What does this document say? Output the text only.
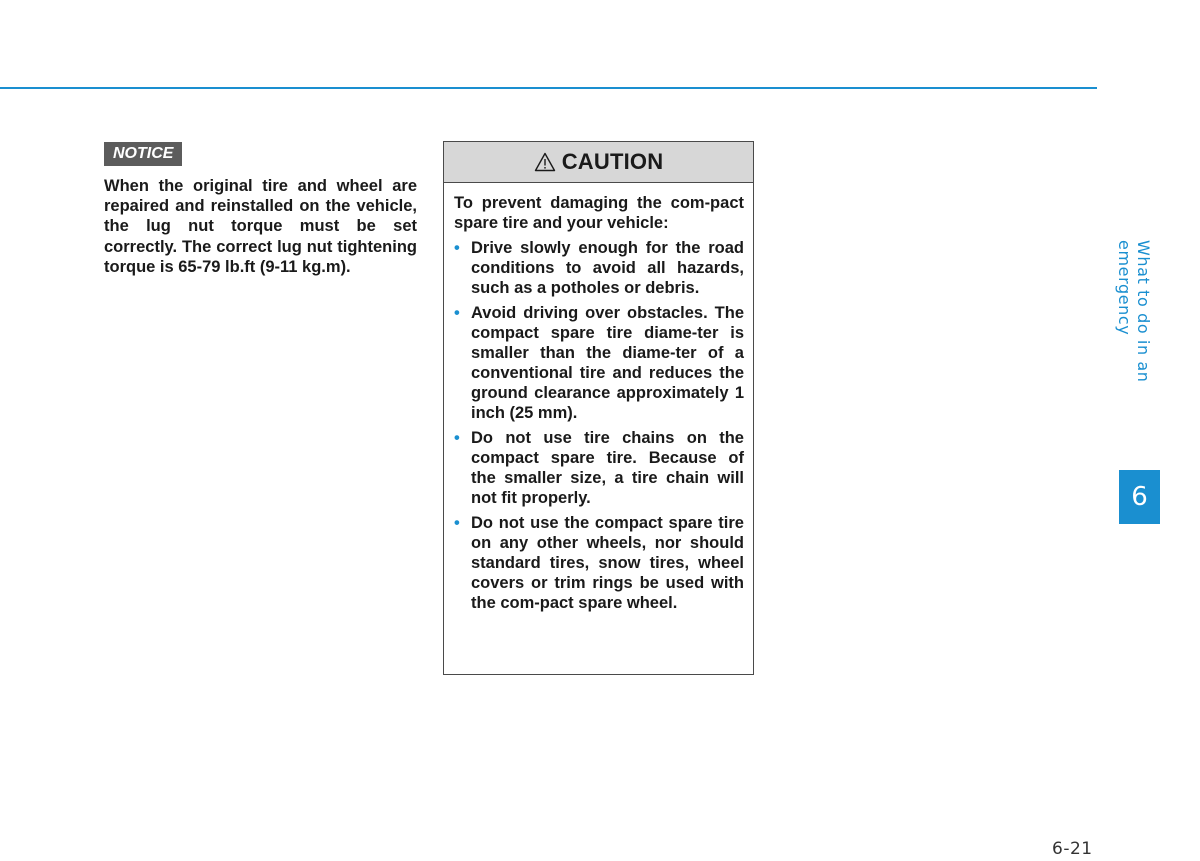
NOTICE
When the original tire and wheel are repaired and reinstalled on the vehicle, the lug nut torque must be set correctly. The correct lug nut tightening torque is 65-79 lb.ft (9-11 kg.m).
CAUTION

To prevent damaging the com-pact spare tire and your vehicle:

• Drive slowly enough for the road conditions to avoid all hazards, such as a potholes or debris.
• Avoid driving over obstacles. The compact spare tire diame-ter is smaller than the diame-ter of a conventional tire and reduces the ground clearance approximately 1 inch (25 mm).
• Do not use tire chains on the compact spare tire. Because of the smaller size, a tire chain will not fit properly.
• Do not use the compact spare tire on any other wheels, nor should standard tires, snow tires, wheel covers or trim rings be used with the com-pact spare wheel.
What to do in an emergency
6
6-21
